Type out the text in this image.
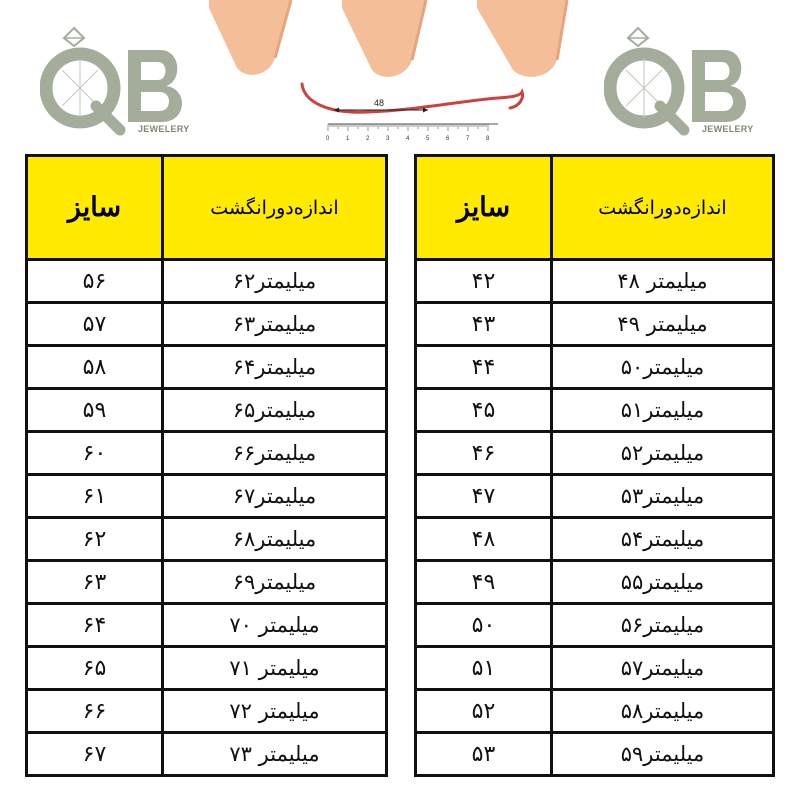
JEWELERY	JEWELERY
48
0	1	2	3	4	5	6	7	8
سایز	اندازه‌دورانگشت
۵۶	۶۲میلیمتر
۵۷	۶۳میلیمتر
۵۸	۶۴میلیمتر
۵۹	۶۵میلیمتر
۶۰	۶۶میلیمتر
۶۱	۶۷میلیمتر
۶۲	۶۸میلیمتر
۶۳	۶۹میلیمتر
۶۴	۷۰ میلیمتر
۶۵	۷۱ میلیمتر
۶۶	۷۲ میلیمتر
۶۷	۷۳ میلیمتر
سایز	اندازه‌دورانگشت
۴۲	۴۸ میلیمتر
۴۳	۴۹ میلیمتر
۴۴	۵۰میلیمتر
۴۵	۵۱میلیمتر
۴۶	۵۲میلیمتر
۴۷	۵۳میلیمتر
۴۸	۵۴میلیمتر
۴۹	۵۵میلیمتر
۵۰	۵۶میلیمتر
۵۱	۵۷میلیمتر
۵۲	۵۸میلیمتر
۵۳	۵۹میلیمتر
